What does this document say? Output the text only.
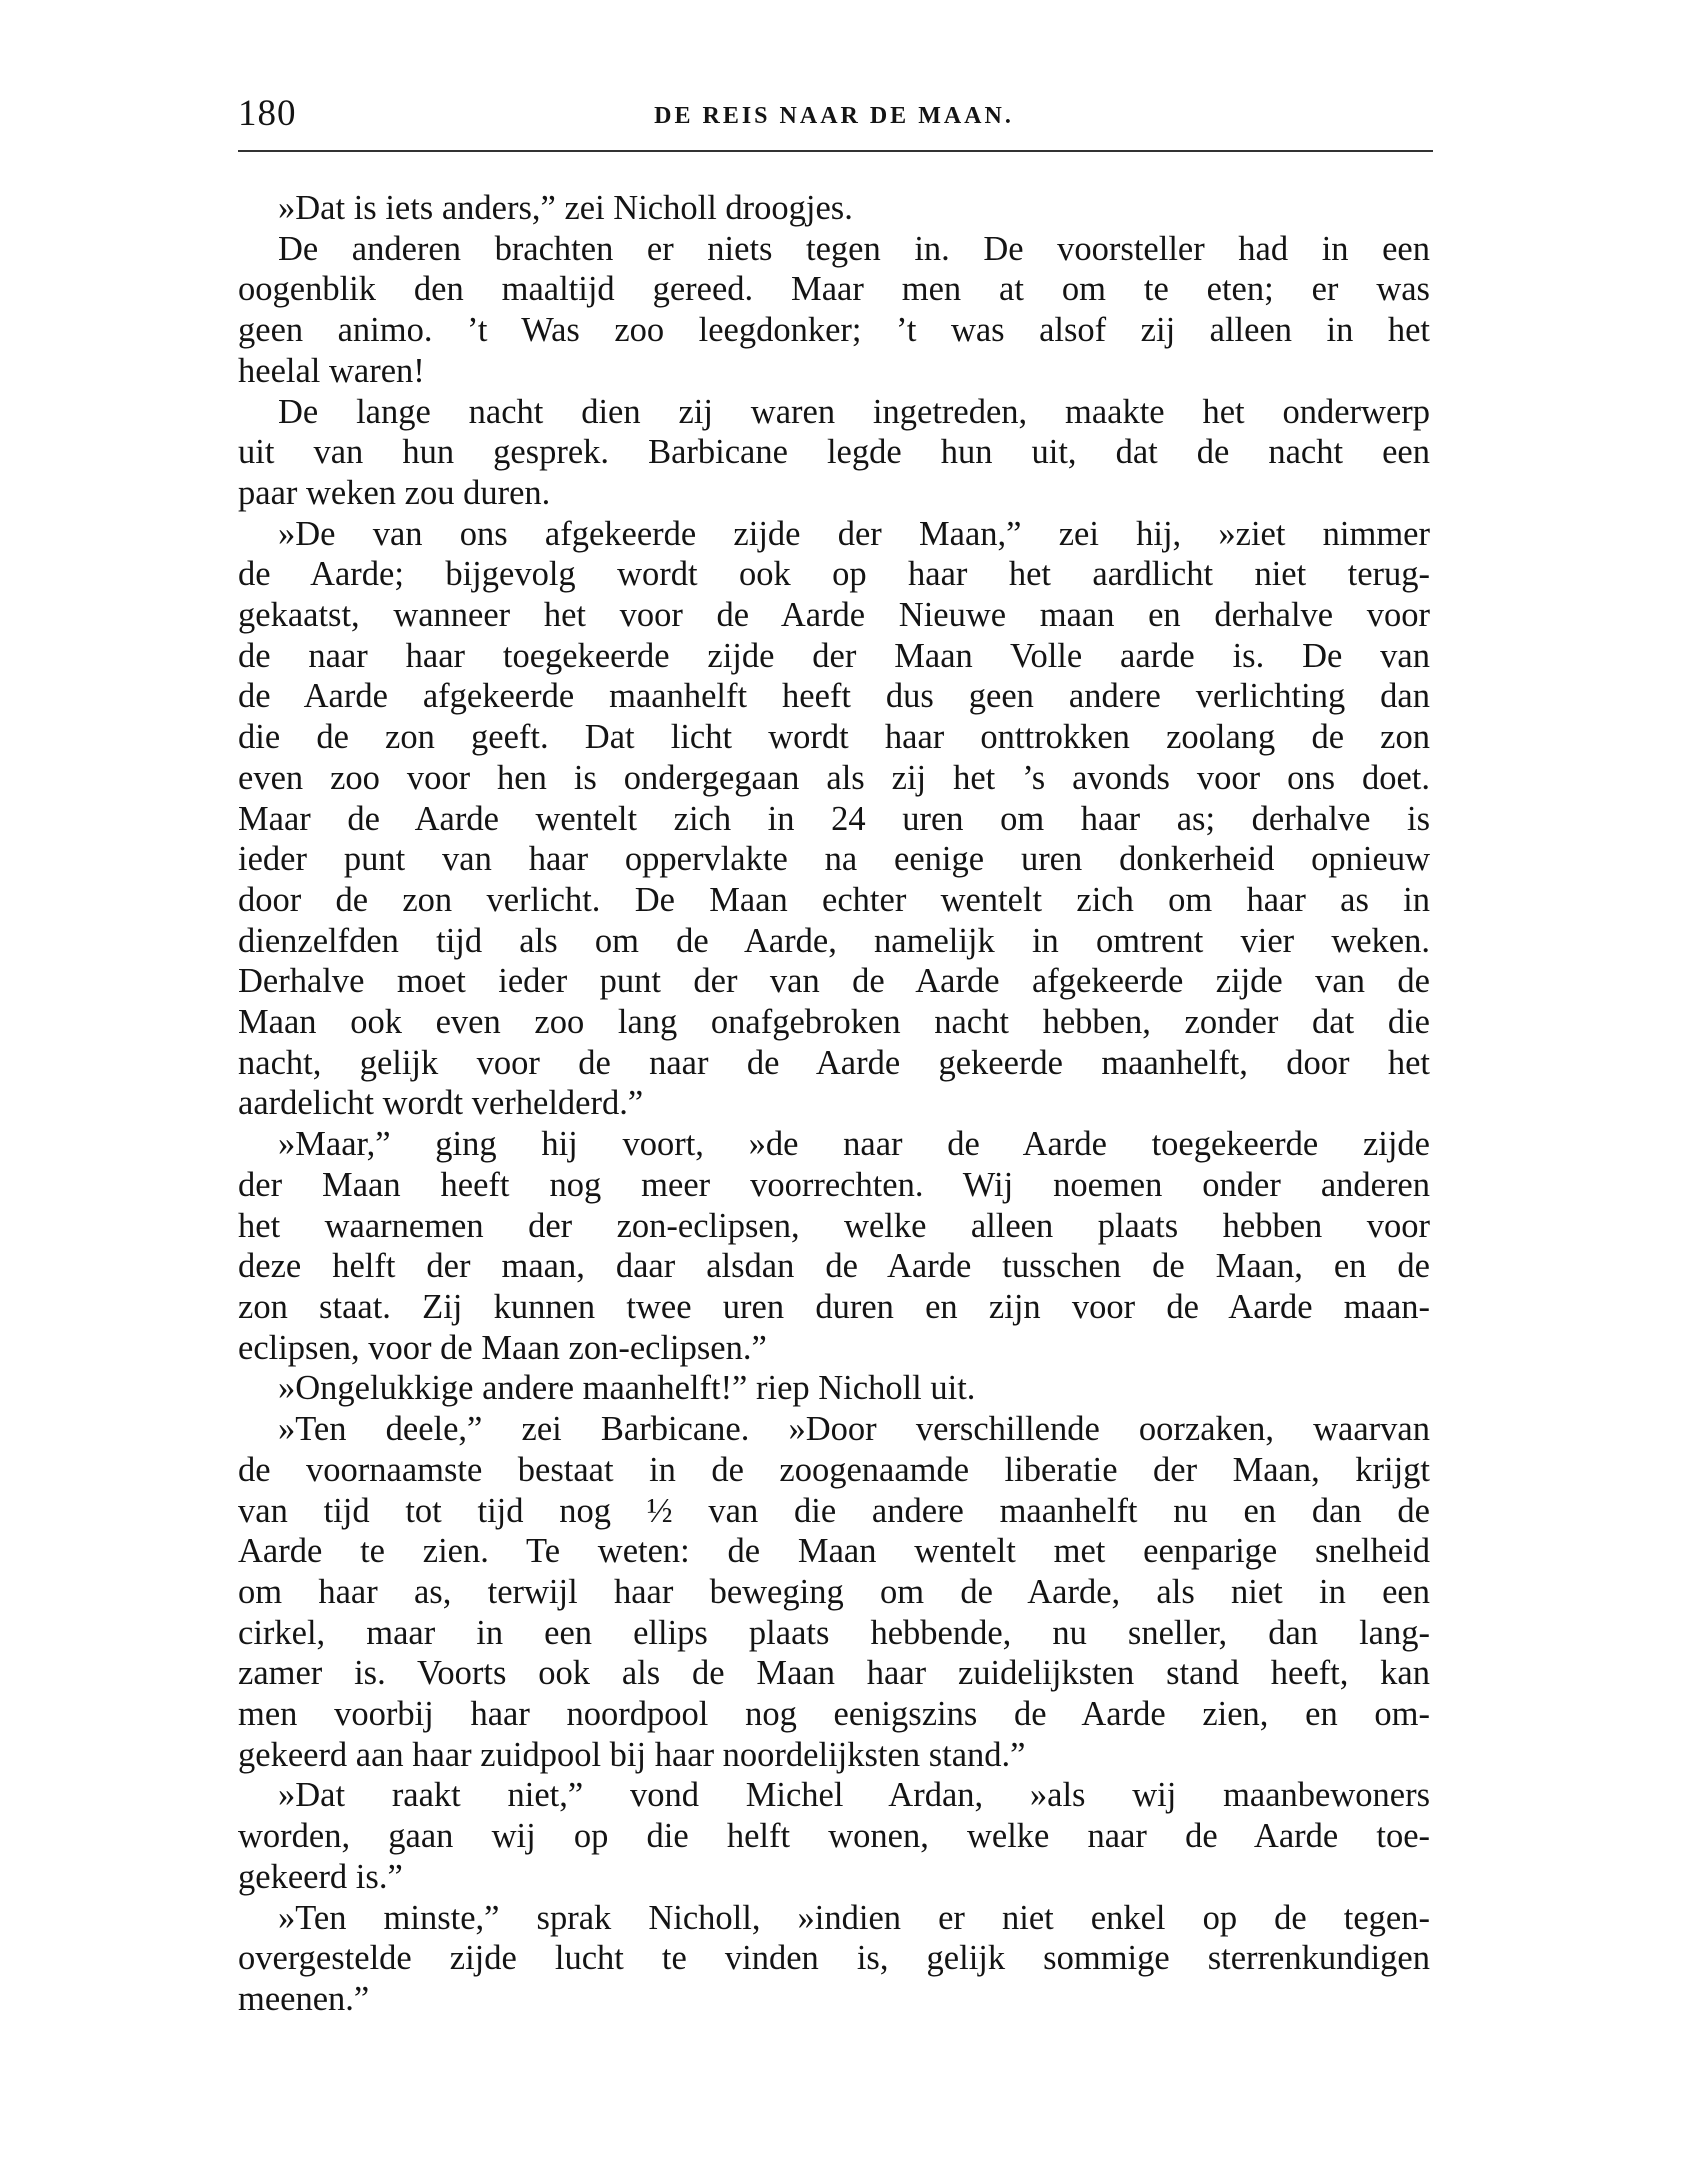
180	DE REIS NAAR DE MAAN.

»Dat is iets anders,” zei Nicholl droogjes.

De anderen brachten er niets tegen in. De voorsteller had in een
oogenblik den maaltijd gereed. Maar men at om te eten; er was
geen animo. ’t Was zoo leegdonker; ’t was alsof zij alleen in het
heelal waren!

De lange nacht dien zij waren ingetreden, maakte het onderwerp
uit van hun gesprek. Barbicane legde hun uit, dat de nacht een
paar weken zou duren.

»De van ons afgekeerde zijde der Maan,” zei hij, »ziet nimmer
de Aarde; bijgevolg wordt ook op haar het aardlicht niet terug-
gekaatst, wanneer het voor de Aarde Nieuwe maan en derhalve voor
de naar haar toegekeerde zijde der Maan Volle aarde is. De van
de Aarde afgekeerde maanhelft heeft dus geen andere verlichting dan
die de zon geeft. Dat licht wordt haar onttrokken zoolang de zon
even zoo voor hen is ondergegaan als zij het ’s avonds voor ons doet.
Maar de Aarde wentelt zich in 24 uren om haar as; derhalve is
ieder punt van haar oppervlakte na eenige uren donkerheid opnieuw
door de zon verlicht. De Maan echter wentelt zich om haar as in
dienzelfden tijd als om de Aarde, namelijk in omtrent vier weken.
Derhalve moet ieder punt der van de Aarde afgekeerde zijde van de
Maan ook even zoo lang onafgebroken nacht hebben, zonder dat die
nacht, gelijk voor de naar de Aarde gekeerde maanhelft, door het
aardelicht wordt verhelderd.”

»Maar,” ging hij voort, »de naar de Aarde toegekeerde zijde
der Maan heeft nog meer voorrechten. Wij noemen onder anderen
het waarnemen der zon-eclipsen, welke alleen plaats hebben voor
deze helft der maan, daar alsdan de Aarde tusschen de Maan, en de
zon staat. Zij kunnen twee uren duren en zijn voor de Aarde maan-
eclipsen, voor de Maan zon-eclipsen.”

»Ongelukkige andere maanhelft!” riep Nicholl uit.

»Ten deele,” zei Barbicane. »Door verschillende oorzaken, waarvan
de voornaamste bestaat in de zoogenaamde liberatie der Maan, krijgt
van tijd tot tijd nog ½ van die andere maanhelft nu en dan de
Aarde te zien. Te weten: de Maan wentelt met eenparige snelheid
om haar as, terwijl haar beweging om de Aarde, als niet in een
cirkel, maar in een ellips plaats hebbende, nu sneller, dan lang-
zamer is. Voorts ook als de Maan haar zuidelijksten stand heeft, kan
men voorbij haar noordpool nog eenigszins de Aarde zien, en om-
gekeerd aan haar zuidpool bij haar noordelijksten stand.”

»Dat raakt niet,” vond Michel Ardan, »als wij maanbewoners
worden, gaan wij op die helft wonen, welke naar de Aarde toe-
gekeerd is.”

»Ten minste,” sprak Nicholl, »indien er niet enkel op de tegen-
overgestelde zijde lucht te vinden is, gelijk sommige sterrenkundigen
meenen.”
